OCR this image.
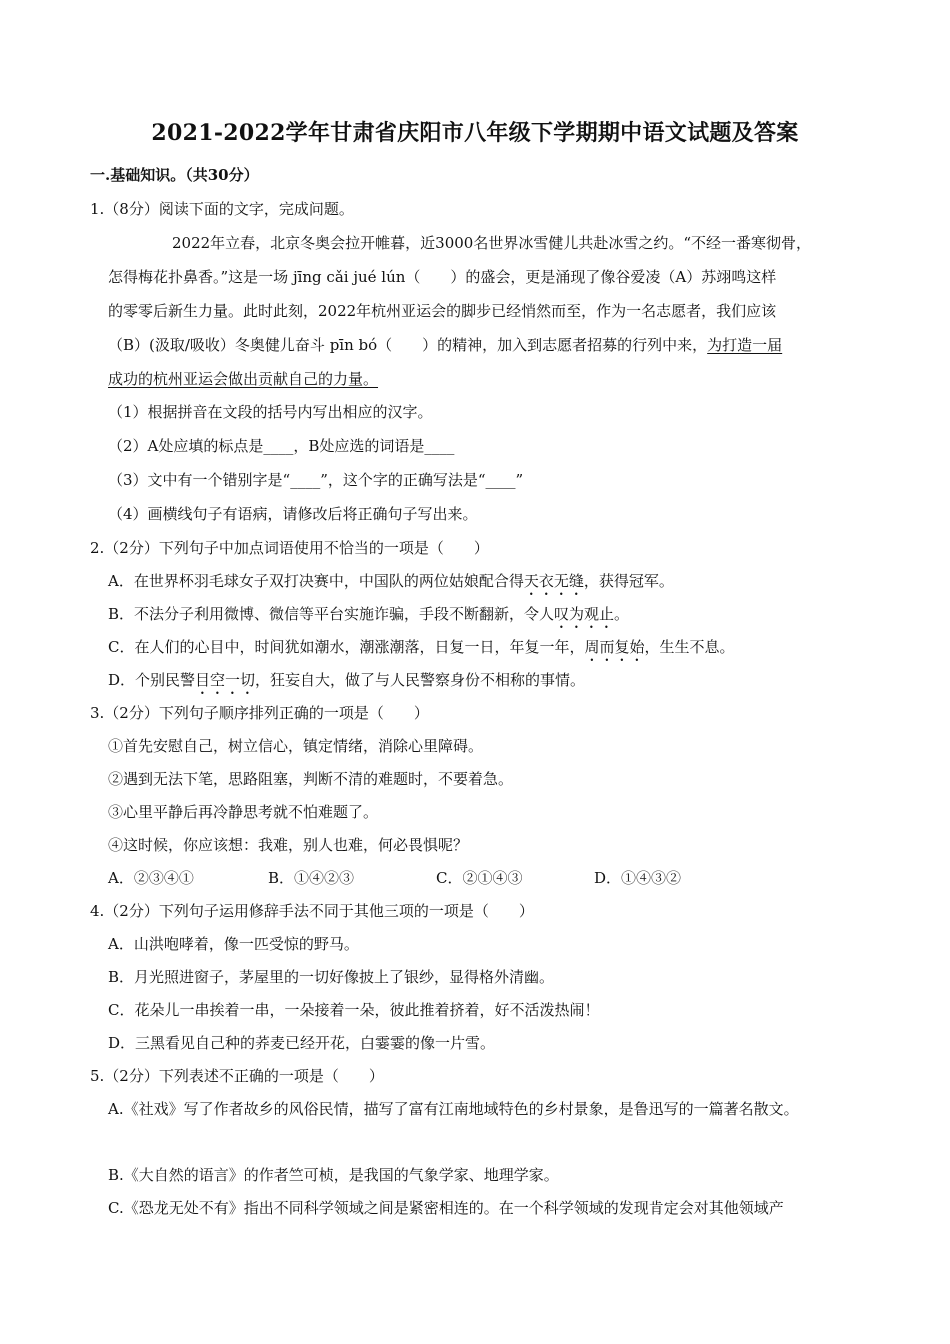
2021-2022学年甘肃省庆阳市八年级下学期期中语文试题及答案
一.基础知识。（共30分）
1.（8分）阅读下面的文字，完成问题。
2022年立春，北京冬奥会拉开帷暮，近3000名世界冰雪健儿共赴冰雪之约。“不经一番寒彻骨，
怎得梅花扑鼻香。”这是一场 jīng cǎi jué lún（　　）的盛会，更是涌现了像谷爱凌（A）苏翊鸣这样
的零零后新生力量。此时此刻，2022年杭州亚运会的脚步已经悄然而至，作为一名志愿者，我们应该
（B）(汲取/吸收）冬奥健儿奋斗 pīn bó（　　）的精神，加入到志愿者招募的行列中来，为打造一届
成功的杭州亚运会做出贡献自己的力量。
（1）根据拼音在文段的括号内写出相应的汉字。
（2）A处应填的标点是____，B处应选的词语是____
（3）文中有一个错别字是“____”，这个字的正确写法是“____”
（4）画横线句子有语病，请修改后将正确句子写出来。
2.（2分）下列句子中加点词语使用不恰当的一项是（　　）
A．在世界杯羽毛球女子双打决赛中，中国队的两位姑娘配合得天衣无缝，获得冠军。
B．不法分子利用微博、微信等平台实施诈骗，手段不断翻新，令人叹为观止。
C．在人们的心目中，时间犹如潮水，潮涨潮落，日复一日，年复一年，周而复始，生生不息。
D．个别民警目空一切，狂妄自大，做了与人民警察身份不相称的事情。
3.（2分）下列句子顺序排列正确的一项是（　　）
①首先安慰自己，树立信心，镇定情绪，消除心里障碍。
②遇到无法下笔，思路阻塞，判断不清的难题时，不要着急。
③心里平静后再冷静思考就不怕难题了。
④这时候，你应该想：我难，别人也难，何必畏惧呢？
A．②③④①	B．①④②③	C．②①④③	D．①④③②
4.（2分）下列句子运用修辞手法不同于其他三项的一项是（　　）
A．山洪咆哮着，像一匹受惊的野马。
B．月光照进窗子，茅屋里的一切好像披上了银纱，显得格外清幽。
C．花朵儿一串挨着一串，一朵接着一朵，彼此推着挤着，好不活泼热闹！
D．三黑看见自己种的荞麦已经开花，白霎霎的像一片雪。
5.（2分）下列表述不正确的一项是（　　）
A.《社戏》写了作者故乡的风俗民情，描写了富有江南地域特色的乡村景象，是鲁迅写的一篇著名散文。
B.《大自然的语言》的作者竺可桢，是我国的气象学家、地理学家。
C.《恐龙无处不有》指出不同科学领域之间是紧密相连的。在一个科学领域的发现肯定会对其他领域产
